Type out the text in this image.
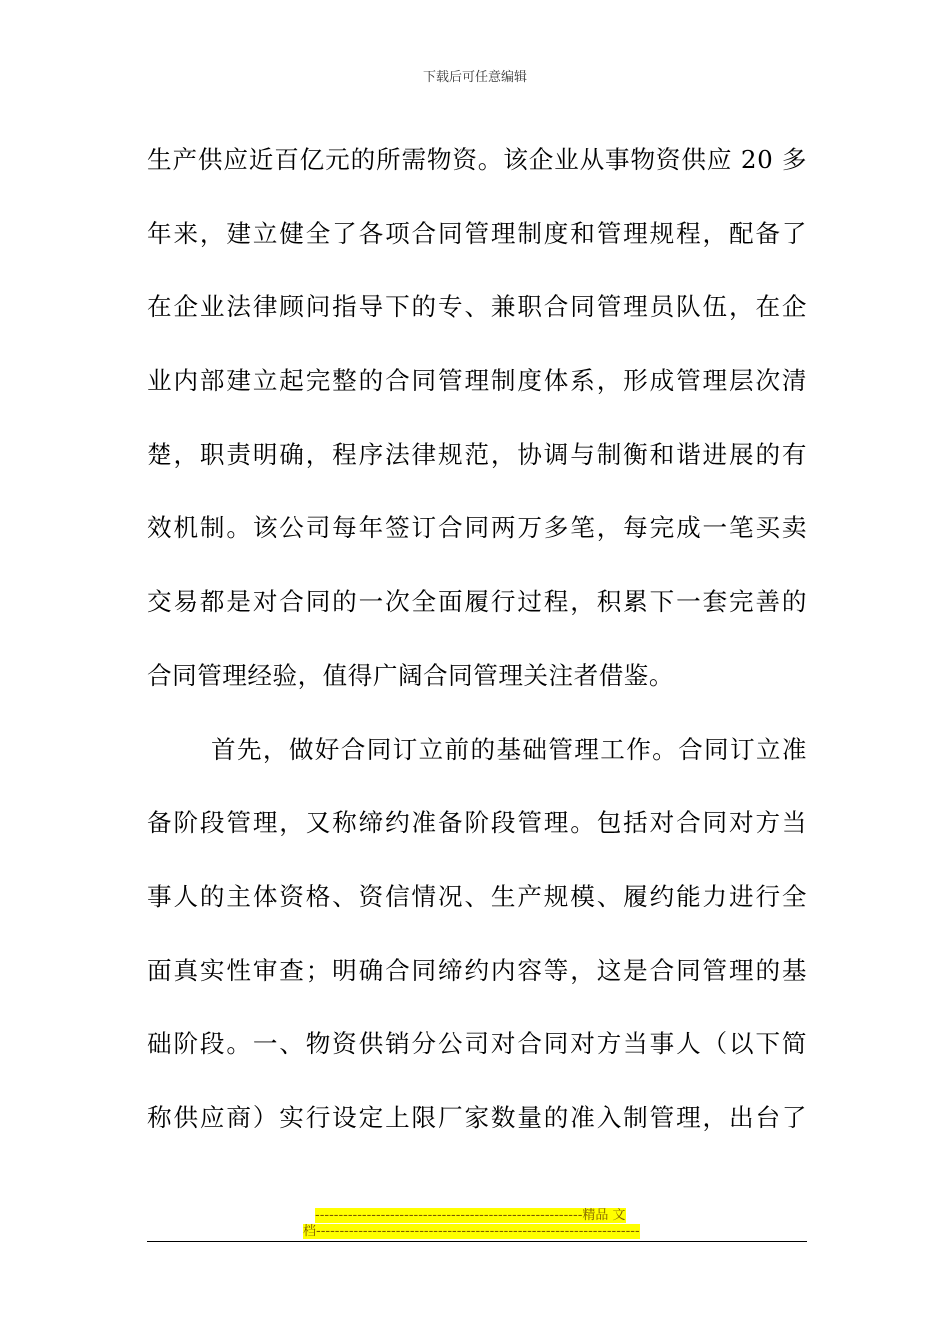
下载后可任意编辑
生产供应近百亿元的所需物资。该企业从事物资供应 20 多
年来，建立健全了各项合同管理制度和管理规程，配备了
在企业法律顾问指导下的专、兼职合同管理员队伍，在企
业内部建立起完整的合同管理制度体系，形成管理层次清
楚，职责明确，程序法律规范，协调与制衡和谐进展的有
效机制。该公司每年签订合同两万多笔，每完成一笔买卖
交易都是对合同的一次全面履行过程，积累下一套完善的
合同管理经验，值得广阔合同管理关注者借鉴。
首先，做好合同订立前的基础管理工作。合同订立准
备阶段管理，又称缔约准备阶段管理。包括对合同对方当
事人的主体资格、资信情况、生产规模、履约能力进行全
面真实性审查；明确合同缔约内容等，这是合同管理的基
础阶段。一、物资供销分公司对合同对方当事人（以下简
称供应商）实行设定上限厂家数量的准入制管理，出台了
---------------------------------------------------------精品 文
档---------------------------------------------------------------------
